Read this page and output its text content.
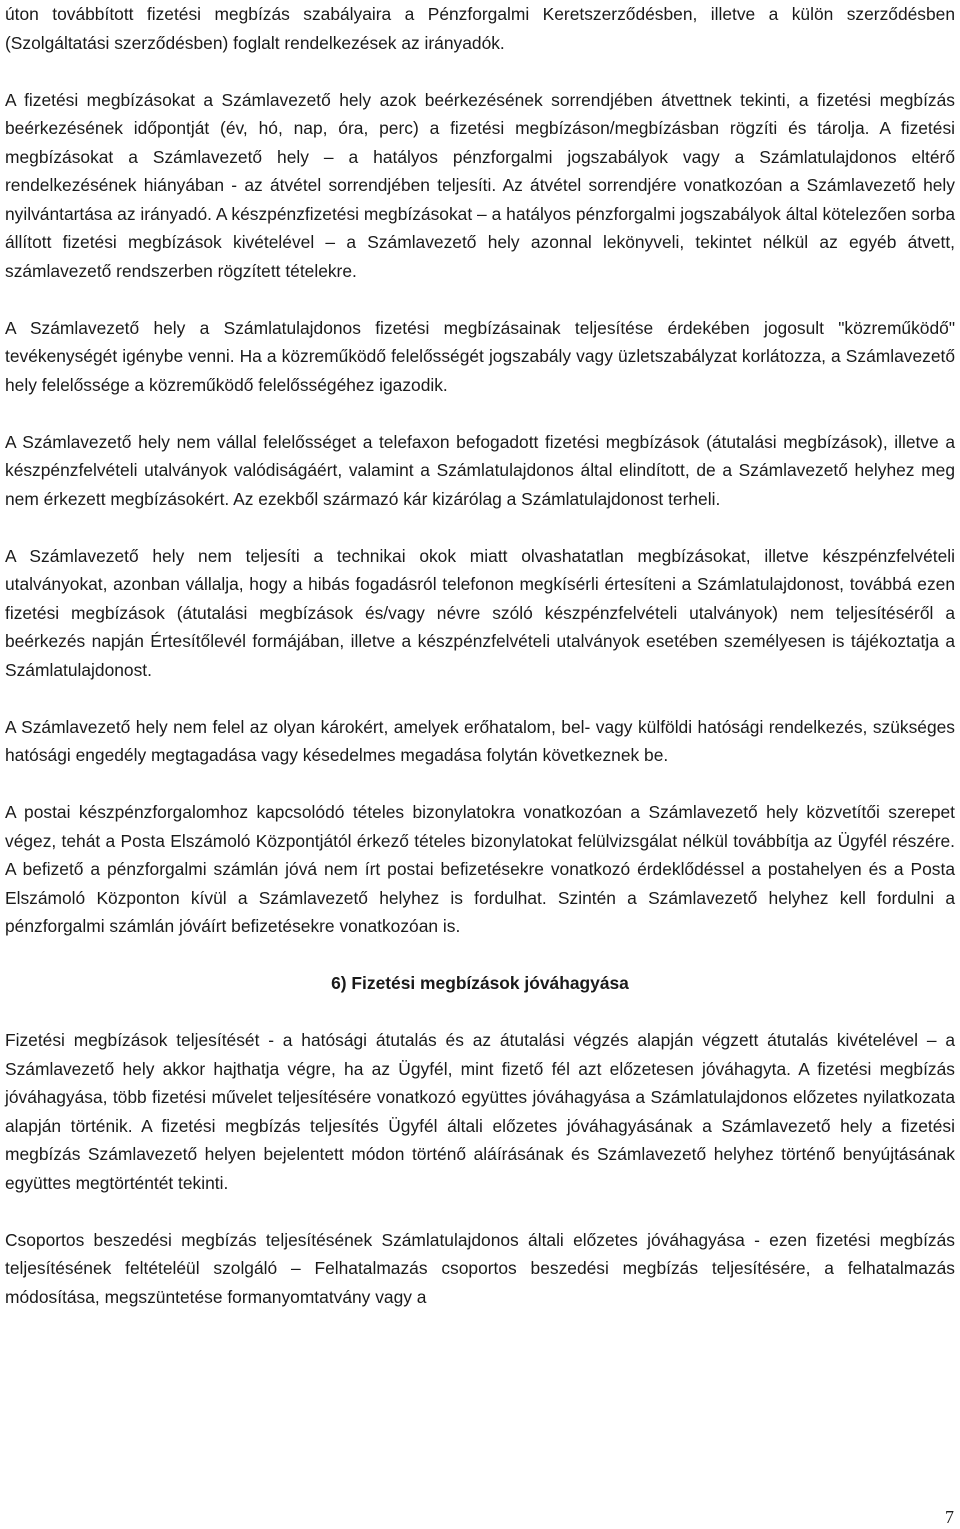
úton továbbított fizetési megbízás szabályaira a Pénzforgalmi Keretszerződésben, illetve a külön szerződésben (Szolgáltatási szerződésben) foglalt rendelkezések az irányadók.

A fizetési megbízásokat a Számlavezető hely azok beérkezésének sorrendjében átvettnek tekinti, a fizetési megbízás beérkezésének időpontját (év, hó, nap, óra, perc) a fizetési megbízáson/megbízásban rögzíti és tárolja. A fizetési megbízásokat a Számlavezető hely – a hatályos pénzforgalmi jogszabályok vagy a Számlatulajdonos eltérő rendelkezésének hiányában - az átvétel sorrendjében teljesíti. Az átvétel sorrendjére vonatkozóan a Számlavezető hely nyilvántartása az irányadó. A készpénzfizetési megbízásokat – a hatályos pénzforgalmi jogszabályok által kötelezően sorba állított fizetési megbízások kivételével – a Számlavezető hely azonnal lekönyveli, tekintet nélkül az egyéb átvett, számlavezető rendszerben rögzített tételekre.

A Számlavezető hely a Számlatulajdonos fizetési megbízásainak teljesítése érdekében jogosult "közreműködő" tevékenységét igénybe venni. Ha a közreműködő felelősségét jogszabály vagy üzletszabályzat korlátozza, a Számlavezető hely felelőssége a közreműködő felelősségéhez igazodik.

A Számlavezető hely nem vállal felelősséget a telefaxon befogadott fizetési megbízások (átutalási megbízások), illetve a készpénzfelvételi utalványok valódiságáért, valamint a Számlatulajdonos által elindított, de a Számlavezető helyhez meg nem érkezett megbízásokért. Az ezekből származó kár kizárólag a Számlatulajdonost terheli.

A Számlavezető hely nem teljesíti a technikai okok miatt olvashatatlan megbízásokat, illetve készpénzfelvételi utalványokat, azonban vállalja, hogy a hibás fogadásról telefonon megkísérli értesíteni a Számlatulajdonost, továbbá ezen fizetési megbízások (átutalási megbízások és/vagy névre szóló készpénzfelvételi utalványok) nem teljesítéséről a beérkezés napján Értesítőlevél formájában, illetve a készpénzfelvételi utalványok esetében személyesen is tájékoztatja a Számlatulajdonost.

A Számlavezető hely nem felel az olyan károkért, amelyek erőhatalom, bel- vagy külföldi hatósági rendelkezés, szükséges hatósági engedély megtagadása vagy késedelmes megadása folytán következnek be.

A postai készpénzforgalomhoz kapcsolódó tételes bizonylatokra vonatkozóan a Számlavezető hely közvetítői szerepet végez, tehát a Posta Elszámoló Központjától érkező tételes bizonylatokat felülvizsgálat nélkül továbbítja az Ügyfél részére. A befizető a pénzforgalmi számlán jóvá nem írt postai befizetésekre vonatkozó érdeklődéssel a postahelyen és a Posta Elszámoló Központon kívül a Számlavezető helyhez is fordulhat. Szintén a Számlavezető helyhez kell fordulni a pénzforgalmi számlán jóváírt befizetésekre vonatkozóan is.

6) Fizetési megbízások jóváhagyása

Fizetési megbízások teljesítését - a hatósági átutalás és az átutalási végzés alapján végzett átutalás kivételével – a Számlavezető hely akkor hajthatja végre, ha az Ügyfél, mint fizető fél azt előzetesen jóváhagyta. A fizetési megbízás jóváhagyása, több fizetési művelet teljesítésére vonatkozó együttes jóváhagyása a Számlatulajdonos előzetes nyilatkozata alapján történik. A fizetési megbízás teljesítés Ügyfél általi előzetes jóváhagyásának a Számlavezető hely a fizetési megbízás Számlavezető helyen bejelentett módon történő aláírásának és Számlavezető helyhez történő benyújtásának együttes megtörténtét tekinti.

Csoportos beszedési megbízás teljesítésének Számlatulajdonos általi előzetes jóváhagyása - ezen fizetési megbízás teljesítésének feltételéül szolgáló – Felhatalmazás csoportos beszedési megbízás teljesítésére, a felhatalmazás módosítása, megszüntetése formanyomtatvány vagy a

7
